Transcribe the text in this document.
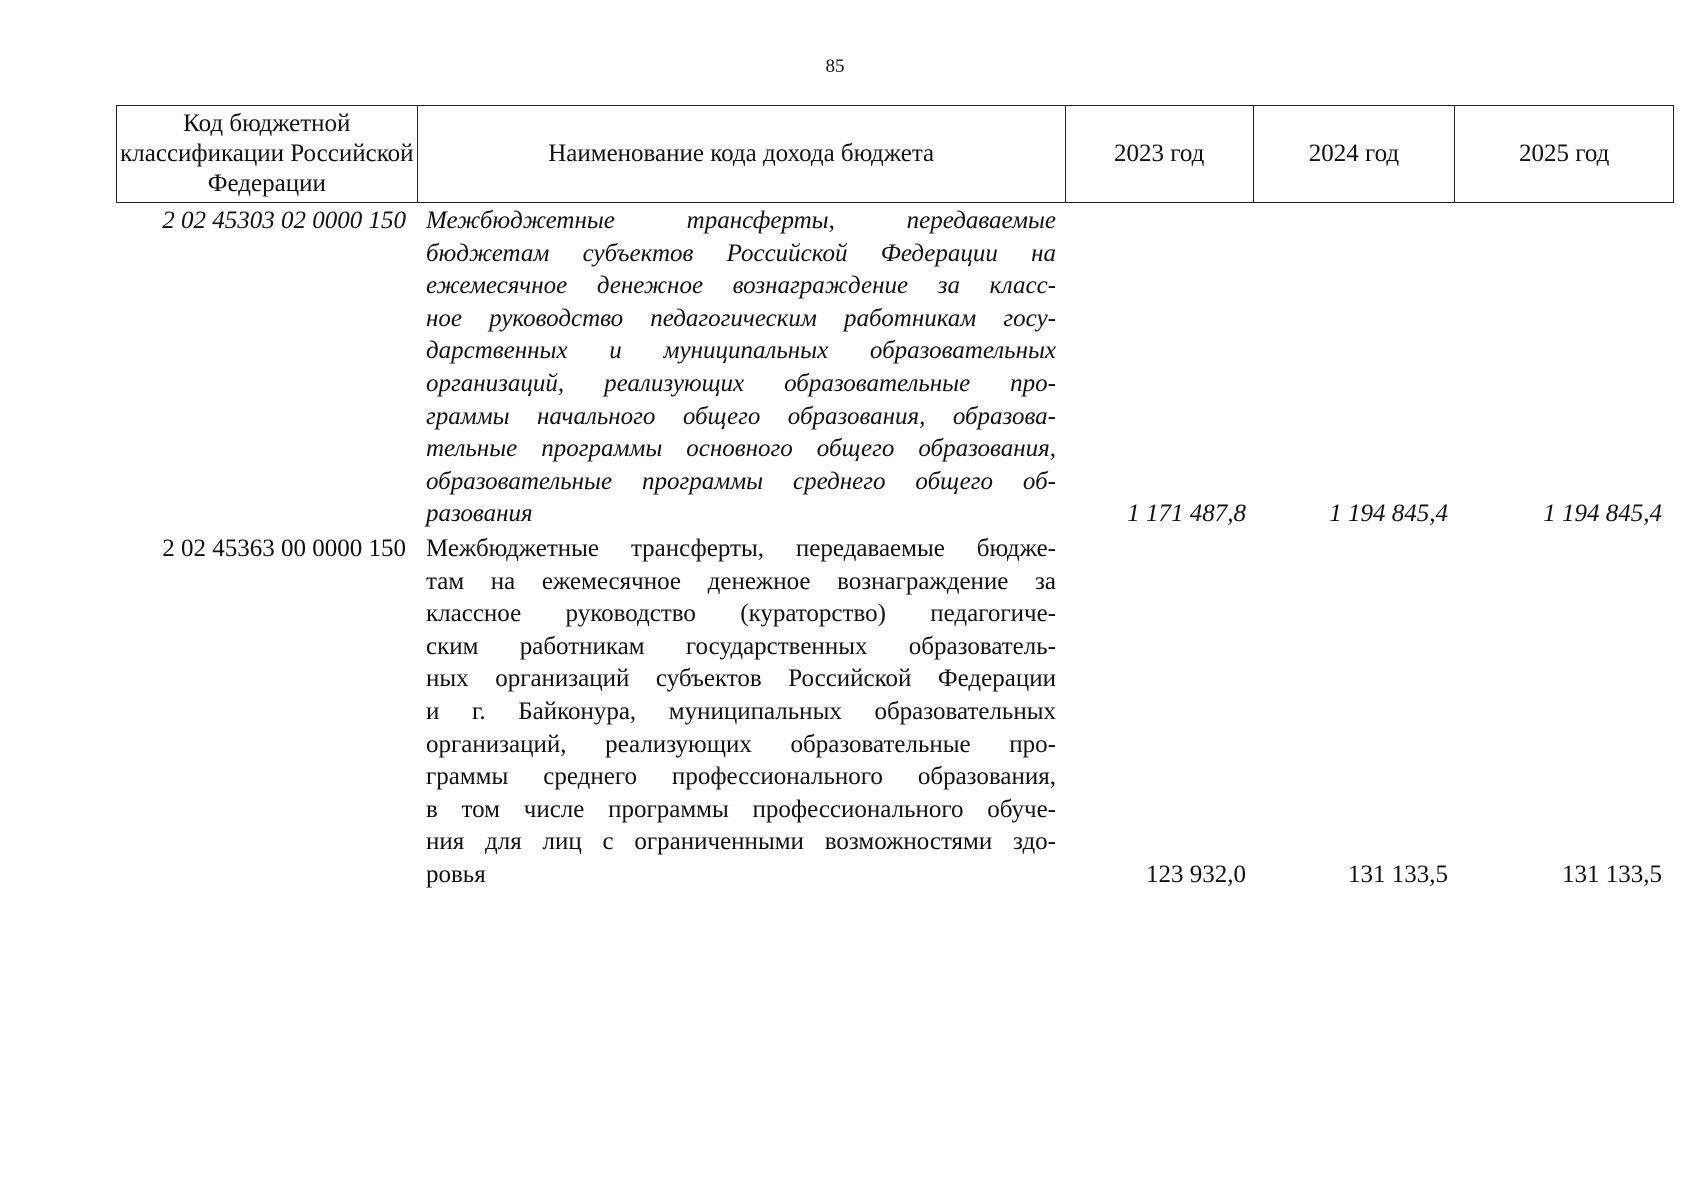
85
Код бюджетной классификации Российской Федерации
Наименование кода дохода бюджета	2023 год	2024 год	2025 год
2 02 45303 02 0000 150 Межбюджетные трансферты, передаваемые
бюджетам субъектов Российской Федерации на
ежемесячное денежное вознаграждение за класс-
ное руководство педагогическим работникам госу-
дарственных и муниципальных образовательных
организаций, реализующих образовательные про-
граммы начального общего образования, образова-
тельные программы основного общего образования,
образовательные программы среднего общего об-
разования	1 171 487,8	1 194 845,4	1 194 845,4
2 02 45363 00 0000 150 Межбюджетные трансферты, передаваемые бюдже-
там на ежемесячное денежное вознаграждение за
классное руководство (кураторство) педагогиче-
ским работникам государственных образователь-
ных организаций субъектов Российской Федерации
и г. Байконура, муниципальных образовательных
организаций, реализующих образовательные про-
граммы среднего профессионального образования,
в том числе программы профессионального обуче-
ния для лиц с ограниченными возможностями здо-
ровья	123 932,0	131 133,5	131 133,5
